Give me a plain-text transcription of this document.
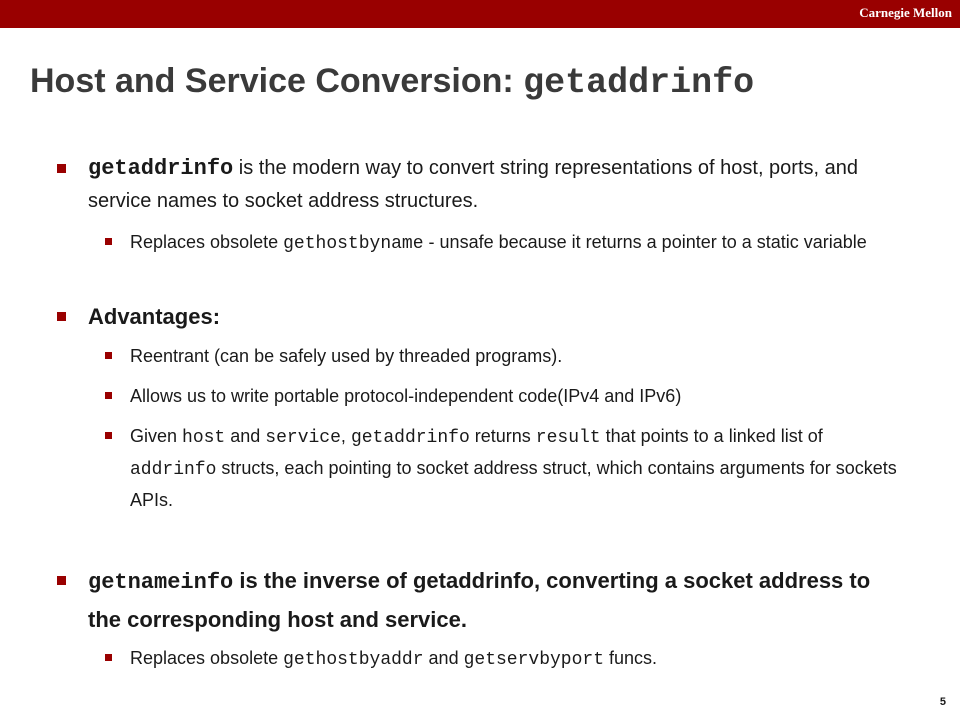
Carnegie Mellon
Host and Service Conversion: getaddrinfo
getaddrinfo is the modern way to convert string representations of host, ports, and service names to socket address structures.
Replaces obsolete gethostbyname - unsafe because it returns a pointer to a static variable
Advantages:
Reentrant (can be safely used by threaded programs).
Allows us to write portable protocol-independent code(IPv4 and IPv6)
Given host and service, getaddrinfo returns result that points to a linked list of addrinfo structs, each pointing to socket address struct, which contains arguments for sockets APIs.
getnameinfo is the inverse of getaddrinfo, converting a socket address to the corresponding host and service.
Replaces obsolete gethostbyaddr and getservbyport funcs.
5
